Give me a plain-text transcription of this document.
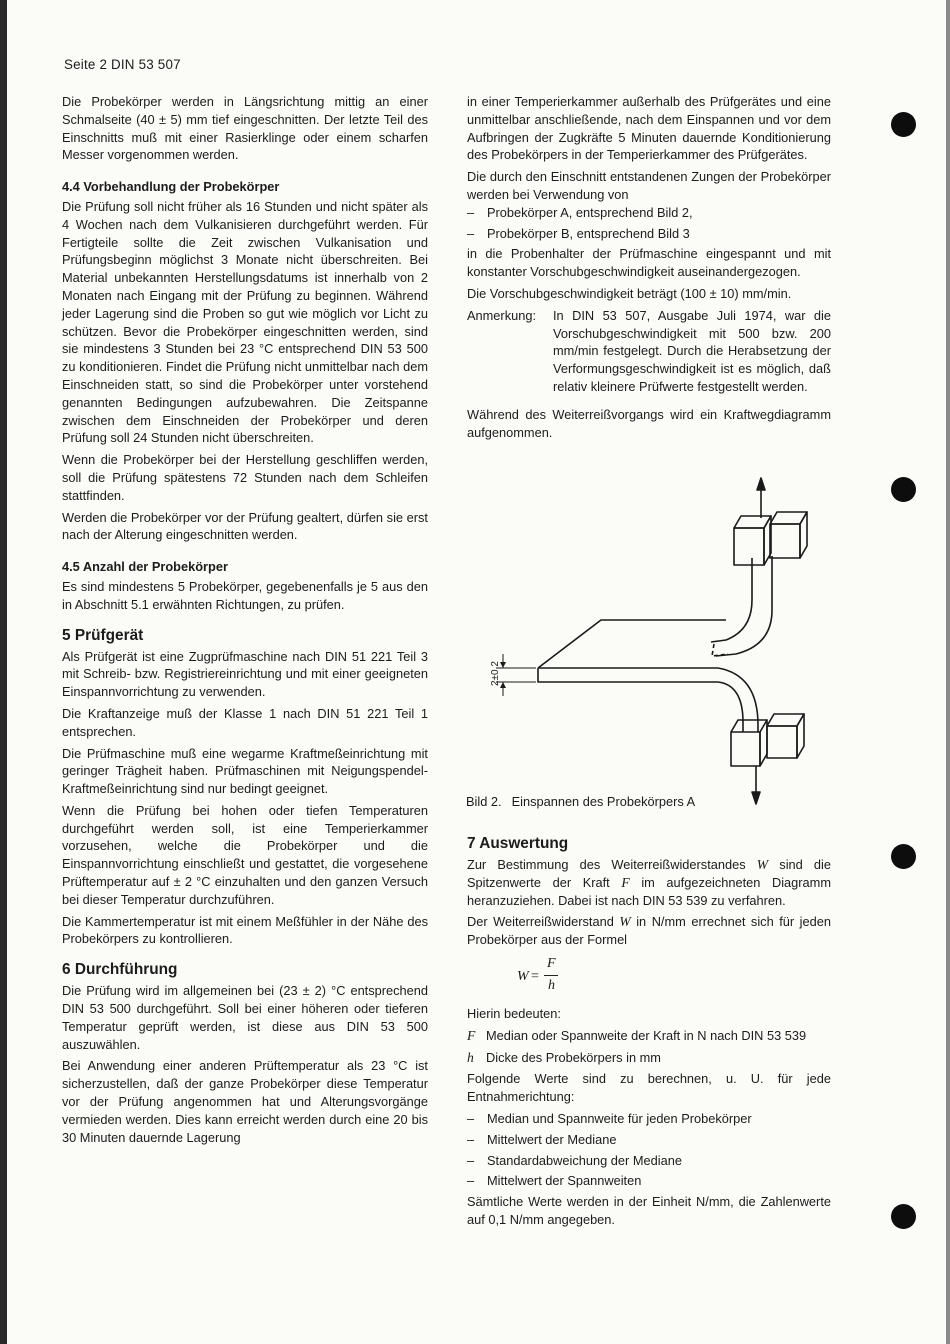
Seite 2 DIN 53 507

Die Probekörper werden in Längsrichtung mittig an einer Schmalseite (40 ± 5) mm tief eingeschnitten. Der letzte Teil des Einschnitts muß mit einer Rasierklinge oder einem scharfen Messer vorgenommen werden.

4.4 Vorbehandlung der Probekörper

Die Prüfung soll nicht früher als 16 Stunden und nicht später als 4 Wochen nach dem Vulkanisieren durchgeführt werden. Für Fertigteile sollte die Zeit zwischen Vulkanisation und Prüfungsbeginn möglichst 3 Monate nicht überschreiten. Bei Material unbekannten Herstellungsdatums ist innerhalb von 2 Monaten nach Eingang mit der Prüfung zu beginnen. Während jeder Lagerung sind die Proben so gut wie möglich vor Licht zu schützen. Bevor die Probekörper eingeschnitten werden, sind sie mindestens 3 Stunden bei 23 °C entsprechend DIN 53 500 zu konditionieren. Findet die Prüfung nicht unmittelbar nach dem Einschneiden statt, so sind die Probekörper unter vorstehend genannten Bedingungen aufzubewahren. Die Zeitspanne zwischen dem Einschneiden der Probekörper und deren Prüfung soll 24 Stunden nicht überschreiten.

Wenn die Probekörper bei der Herstellung geschliffen werden, soll die Prüfung spätestens 72 Stunden nach dem Schleifen stattfinden.

Werden die Probekörper vor der Prüfung gealtert, dürfen sie erst nach der Alterung eingeschnitten werden.

4.5 Anzahl der Probekörper

Es sind mindestens 5 Probekörper, gegebenenfalls je 5 aus den in Abschnitt 5.1 erwähnten Richtungen, zu prüfen.

5 Prüfgerät

Als Prüfgerät ist eine Zugprüfmaschine nach DIN 51 221 Teil 3 mit Schreib- bzw. Registriereinrichtung und mit einer geeigneten Einspannvorrichtung zu verwenden.

Die Kraftanzeige muß der Klasse 1 nach DIN 51 221 Teil 1 entsprechen.

Die Prüfmaschine muß eine wegarme Kraftmeßeinrichtung mit geringer Trägheit haben. Prüfmaschinen mit Neigungspendel-Kraftmeßeinrichtung sind nur bedingt geeignet.

Wenn die Prüfung bei hohen oder tiefen Temperaturen durchgeführt werden soll, ist eine Temperierkammer vorzusehen, welche die Probekörper und die Einspannvorrichtung einschließt und gestattet, die vorgesehene Prüftemperatur auf ± 2 °C einzuhalten und den ganzen Versuch bei dieser Temperatur durchzuführen.

Die Kammertemperatur ist mit einem Meßfühler in der Nähe des Probekörpers zu kontrollieren.

6 Durchführung

Die Prüfung wird im allgemeinen bei (23 ± 2) °C entsprechend DIN 53 500 durchgeführt. Soll bei einer höheren oder tieferen Temperatur geprüft werden, ist diese aus DIN 53 500 auszuwählen.

Bei Anwendung einer anderen Prüftemperatur als 23 °C ist sicherzustellen, daß der ganze Probekörper diese Temperatur vor der Prüfung angenommen hat und Alterungsvorgänge vermieden werden. Dies kann erreicht werden durch eine 20 bis 30 Minuten dauernde Lagerung

in einer Temperierkammer außerhalb des Prüfgerätes und eine unmittelbar anschließende, nach dem Einspannen und vor dem Aufbringen der Zugkräfte 5 Minuten dauernde Konditionierung des Probekörpers in der Temperierkammer des Prüfgerätes.

Die durch den Einschnitt entstandenen Zungen der Probekörper werden bei Verwendung von

–	Probekörper A, entsprechend Bild 2,
–	Probekörper B, entsprechend Bild 3

in die Probenhalter der Prüfmaschine eingespannt und mit konstanter Vorschubgeschwindigkeit auseinandergezogen.

Die Vorschubgeschwindigkeit beträgt (100 ± 10) mm/min.

Anmerkung:	In DIN 53 507, Ausgabe Juli 1974, war die Vorschubgeschwindigkeit mit 500 bzw. 200 mm/min festgelegt. Durch die Herabsetzung der Verformungsgeschwindigkeit ist es möglich, daß relativ kleinere Prüfwerte festgestellt werden.

Während des Weiterreißvorgangs wird ein Kraftwegdiagramm aufgenommen.

2±0,2
Bild 2. Einspannen des Probekörpers A
7 Auswertung

Zur Bestimmung des Weiterreißwiderstandes W sind die Spitzenwerte der Kraft F im aufgezeichneten Diagramm heranzuziehen. Dabei ist nach DIN 53 539 zu verfahren.

Der Weiterreißwiderstand W in N/mm errechnet sich für jeden Probekörper aus der Formel

W =
F
h

Hierin bedeuten:

F Median oder Spannweite der Kraft in N nach DIN 53 539
h Dicke des Probekörpers in mm

Folgende Werte sind zu berechnen, u. U. für jede Entnahmerichtung:

–	Median und Spannweite für jeden Probekörper
–	Mittelwert der Mediane
–	Standardabweichung der Mediane
–	Mittelwert der Spannweiten

Sämtliche Werte werden in der Einheit N/mm, die Zahlenwerte auf 0,1 N/mm angegeben.
